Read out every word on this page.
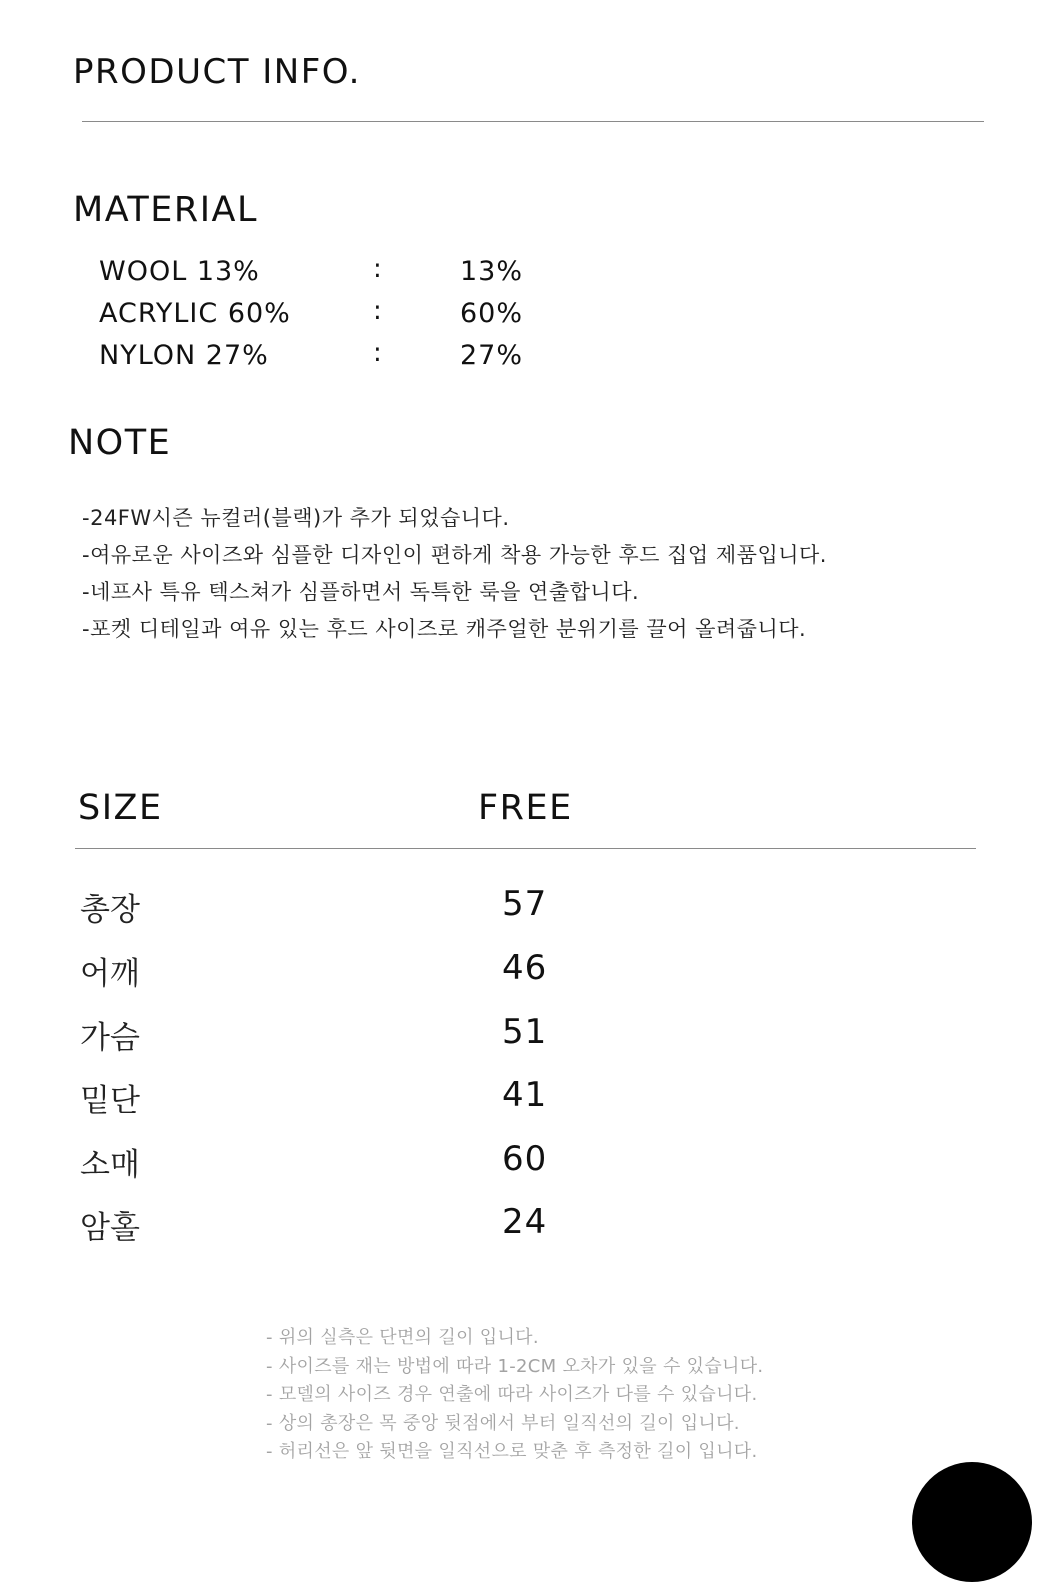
PRODUCT INFO.
MATERIAL
WOOL 13%	:	13%
ACRYLIC 60%	:	60%
NYLON 27%	:	27%
NOTE
-24FW시즌 뉴컬러(블랙)가 추가 되었습니다.
-여유로운 사이즈와 심플한 디자인이 편하게 착용 가능한 후드 집업 제품입니다.
-네프사 특유 텍스쳐가 심플하면서 독특한 룩을 연출합니다.
-포켓 디테일과 여유 있는 후드 사이즈로 캐주얼한 분위기를 끌어 올려줍니다.
SIZE	FREE
총장	57
어깨	46
가슴	51
밑단	41
소매	60
암홀	24
- 위의 실측은 단면의 길이 입니다.
- 사이즈를 재는 방법에 따라 1-2CM 오차가 있을 수 있습니다.
- 모델의 사이즈 경우 연출에 따라 사이즈가 다를 수 있습니다.
- 상의 총장은 목 중앙 뒷점에서 부터 일직선의 길이 입니다.
- 허리선은 앞 뒷면을 일직선으로 맞춘 후 측정한 길이 입니다.
